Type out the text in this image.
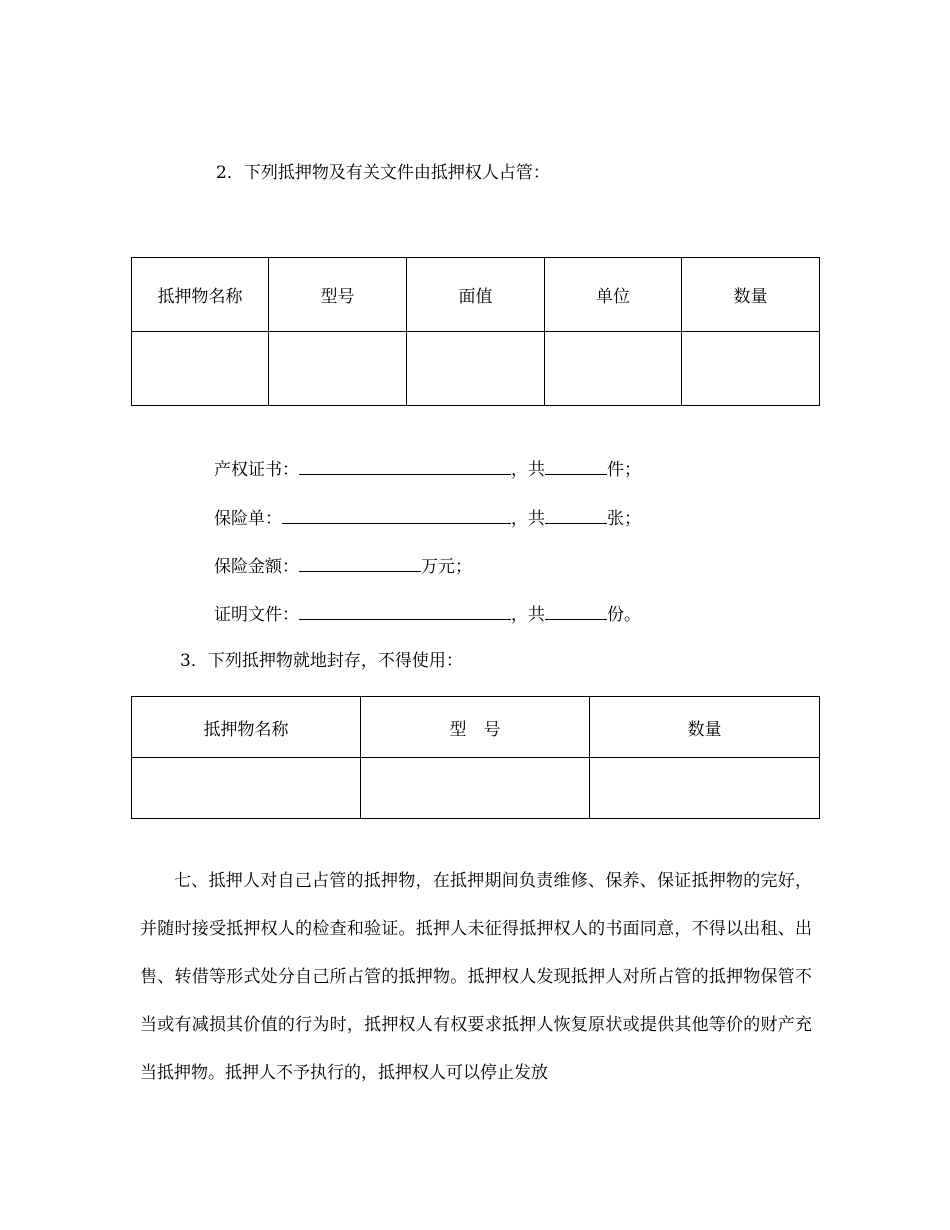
2．下列抵押物及有关文件由抵押权人占管：
抵押物名称	型号	面值	单位	数量

产权证书：	，共	件；
保险单：	，共	张；
保险金额：	万元；
证明文件：	，共	份。
3．下列抵押物就地封存，不得使用：
抵押物名称	型　号	数量

七、抵押人对自己占管的抵押物，在抵押期间负责维修、保养、保证抵押物的完好，并随时接受抵押权人的检查和验证。抵押人未征得抵押权人的书面同意，不得以出租、出售、转借等形式处分自己所占管的抵押物。抵押权人发现抵押人对所占管的抵押物保管不当或有减损其价值的行为时，抵押权人有权要求抵押人恢复原状或提供其他等价的财产充当抵押物。抵押人不予执行的，抵押权人可以停止发放
